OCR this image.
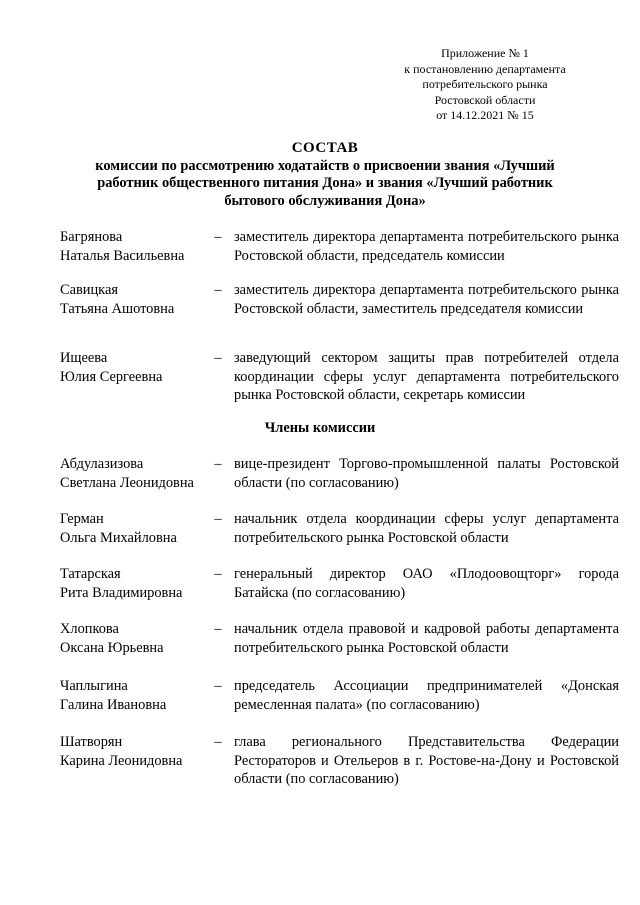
Приложение № 1
к постановлению департамента
потребительского рынка
Ростовской области
от 14.12.2021 № 15
СОСТАВ
комиссии по рассмотрению ходатайств о присвоении звания «Лучший
работник общественного питания Дона» и звания «Лучший работник
бытового обслуживания Дона»
Багрянова
Наталья Васильевна
– заместитель директора департамента потребительского рынка Ростовской области, председатель комиссии
Савицкая
Татьяна Ашотовна
– заместитель директора департамента потребительского рынка Ростовской области, заместитель председателя комиссии
Ищеева
Юлия Сергеевна
– заведующий сектором защиты прав потребителей отдела координации сферы услуг департамента потребительского рынка Ростовской области, секретарь комиссии
Члены комиссии
Абдулазизова
Светлана Леонидовна
– вице-президент Торгово-промышленной палаты Ростовской области (по согласованию)
Герман
Ольга Михайловна
– начальник отдела координации сферы услуг департамента потребительского рынка Ростовской области
Татарская
Рита Владимировна
– генеральный директор ОАО «Плодоовощторг» города Батайска (по согласованию)
Хлопкова
Оксана Юрьевна
– начальник отдела правовой и кадровой работы департамента потребительского рынка Ростовской области
Чаплыгина
Галина Ивановна
– председатель Ассоциации предпринимателей «Донская ремесленная палата» (по согласованию)
Шатворян
Карина Леонидовна
– глава регионального Представительства Федерации Рестораторов и Отельеров в г. Ростове-на-Дону и Ростовской области (по согласованию)
